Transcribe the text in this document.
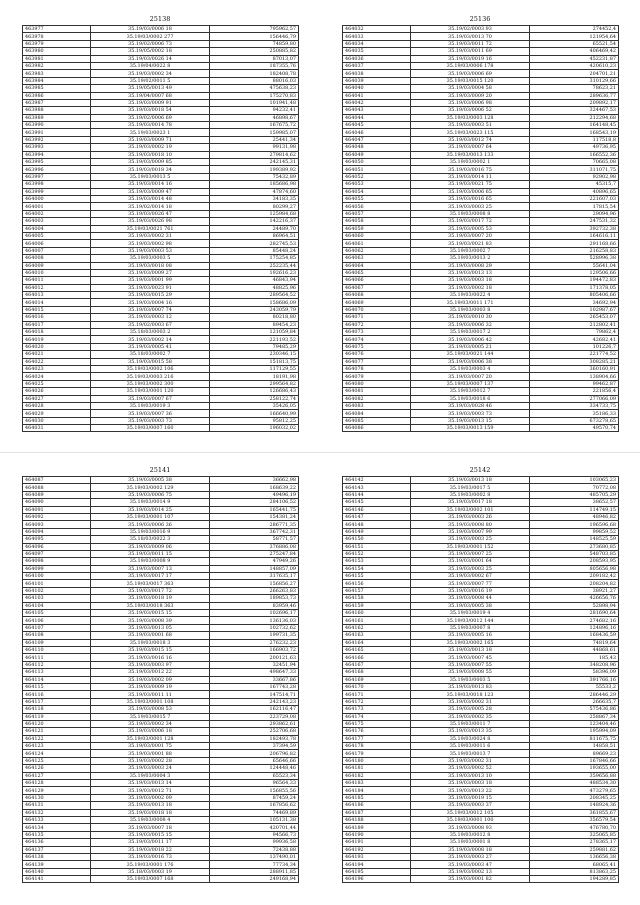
25138
463977	35.19/03/0006 18	795962,57
463978	35.19/03/0002 277	156446,79
463979	35.19/02/0006 73	74859,80
463980	35.19/05/0002 18	250885,82
463981	35.19/03/0026 14	87013,07
463982	35.19/04/0022 8	187355,76
463983	35.19/03/0002 34	182408,78
463984	35.19/02/0011 5	88016,03
463985	35.19/05/0013 49	475638,23
463986	35.19/04/0007 68	175270,83
463987	35.19/03/0009 91	101941,48
463988	35.19/03/0018 54	94232,41
463989	35.19/02/0006 69	46898,67
463990	35.19/03/0014 78	167675,72
463991	35.19/03/0023 1	159985,07
463992	35.19/03/0009 71	25441,34
463993	35.19/03/0002 19	99131,98
463994	35.19/03/0018 10	279814,62
463995	35.19/03/0009 85	242145,31
463996	35.19/03/0018 34	199389,92
463997	35.19/03/0013 5	75432,89
463998	35.19/03/0014 16	185686,98
463999	35.19/03/0009 47	47874,60
464000	35.19/03/0014 48	34183,35
464001	35.19/02/0014 18	80299,27
464002	35.19/03/0026 47	125984,68
464003	35.19/03/0026 98	142216,37
464004	35.19/03/0021 761	24489,70
464005	35.19/03/0002 31	86964,51
464006	35.19/03/0002 98	282745,53
464007	35.19/03/0003 53	85448,24
464008	35.19/03/0003 5	175254,85
464009	35.19/03/0018 08	252235,44
464010	35.19/03/0009 27	192616,23
464011	35.19/03/0001 99	46843,94
464012	35.19/03/0023 91	48825,96
464013	35.19/03/0015 29	289564,52
464014	35.19/03/0004 16	158686,09
464015	35.19/03/0007 74	243059,79
464016	35.19/03/0003 12	80218,80
464017	35.19/02/0003 67	89454,23
464018	35.18/03/0003 2	121059,84
464019	35.19/03/0002 14	221193,52
464020	35.19/03/0005 41	79485,29
464021	35.18/03/0002 7	230346,15
464022	35.19/03/0015 58	151813,75
464023	35.19/03/0002 106	117129,55
464024	35.19/03/0003 216	18191,98
464025	35.19/03/0002 300	299564,82
464026	35.19/03/0001 120	126686,43
464027	35.19/03/0007 67	258122,74
464028	35.19/03/0019 3	35426,05
464029	35.19/03/0007 36	166640,99
464030	35.19/03/0003 73	95812,25
464031	35.19/03/0007 160	196032,02
25136
464032	35.19/02/0003 93	274452,4
464033	35.19/03/0013 70	121954,64
464034	35.19/03/0011 72	65521,54
464035	35.19/03/0011 69	406469,42
464036	35.19/03/0019 16	452231,87
464037	35.19/03/0006 178	420610,23
464038	35.19/03/0006 69	204701,21
464039	35.19/03/0015 120	310129,66
464040	35.19/03/0004 58	78623,21
464041	35.19/03/0009 20	289636,77
464042	35.19/03/0006 98	209892,17
464043	35.19/03/0006 52	324467,53
464044	35.19/03/0003 128	212294,68
464045	35.19/03/0003 51	164148,45
464046	35.19/03/0023 115	168543,19
464047	35.19/03/0012 74	117518,8
464048	35.19/03/0007 64	49736,95
464049	35.19/03/0013 133	166552,36
464050	35.19/03/0002 1	70665,08
464051	35.19/03/0016 75	311071,75
464052	35.19/03/0014 11	92902,98
464053	35.19/03/0021 75	45315,7
464054	35.19/03/0006 65	40896,65
464055	35.19/03/0016 65	221607,03
464056	35.19/03/0003 25	17815,54
464057	35.19/03/0008 8	29094,96
464058	35.19/03/0017 72	247531,32
464059	35.19/03/0005 53	392732,38
464060	35.19/03/0007 20	164616,11
464061	35.19/03/0021 83	291168,66
464062	35.19/03/0002 7	216258,83
464063	35.19/03/0013 2	528996,38
464064	35.19/03/0008 29	55641,04
464065	35.19/03/0013 13	129506,66
464066	35.19/03/0003 18	194472,83
464067	35.19/03/0002 18	171378,05
464068	35.19/03/0022 4	805406,66
464069	35.19/03/0011 171	34692,94
464070	35.19/03/0003 8	102987,67
464071	35.19/03/0010 30	265453,07
464072	35.19/03/0006 32	212802,41
464073	35.19/03/0017 2	79862,4
464074	35.19/03/0006 42	42682,41
464075	35.19/03/0005 21	101226,7
464076	35.19/03/0021 144	221774,52
464077	35.19/03/0006 38	308285,21
464078	35.19/03/0003 4	360160,91
464079	35.19/03/0007 20	138904,66
464080	35.19/03/0007 137	99462,87
464081	35.19/03/0012 7	221856,4
464082	35.19/03/0018 6	277066,09
464083	35.19/03/0028 46	334733,75
464084	35.19/03/0003 73	35186,33
464085	35.19/03/0013 15	673278,65
464086	35.19/03/0013 159	49570,74
25141
464087	35.19/03/0005 38	36662,98
464088	35.19/03/0002 129	168639,22
464089	35.19/03/0006 75	49496,19
464090	35.19/03/0014 9	284106,52
464091	35.19/03/0014 25	165441,75
464092	35.19/03/0001 107	154381,24
464093	35.19/03/0006 36	286771,35
464094	35.19/03/0016 9	367742,31
464095	35.18/03/0022 3	58771,57
464096	35.19/03/0009 06	376886,08
464097	35.19/03/0011 15	275247,84
464098	35.19/03/0008 9	47949,26
464099	35.19/03/0007 13	148857,09
464100	35.19/03/0017 17	317635,17
464101	35.19/03/0017 363	156856,27
464102	35.19/03/0017 72	266263,83
464103	35.19/03/0018 19	189853,73
464104	35.19/03/0018 363	83959,46
464105	35.19/03/0015 15	102696,17
464106	35.19/03/0008 39	136136,03
464107	35.19/03/0013 05	102732,62
464108	35.19/03/0001 68	199731,35
464109	35.19/03/0018 3	276232,23
464110	35.19/03/0015 15	166903,72
464111	35.19/03/0016 16	200121,63
464112	35.19/03/0003 97	32451,94
464113	35.19/03/0012 22	498647,33
464114	35.19/03/0002 09	33667,86
464115	35.19/03/0009 19	167743,28
464116	35.19/03/0011 11	147514,71
464117	35.19/03/0001 108	242143,23
464118	35.19/03/0008 53	162116,47
464119	35.19/03/0015 7	223729,08
464120	35.19/03/0002 34	293862,61
464121	35.19/03/0006 18	252706,68
464122	35.19/03/0001 128	182493,78
464123	35.19/03/0001 75	37394,59
464124	35.19/03/0001 88	206796,82
464125	35.19/03/0002 28	65646,66
464126	35.19/03/0003 24	124448,46
464127	35.19/03/0004 3	65523,34
464128	35.19/03/0013 14	96564,33
464129	35.19/03/0012 71	156855,56
464130	35.19/03/0002 09	87459,24
464131	35.19/03/0013 18	167856,62
464132	35.19/03/0018 18	74469,89
464133	35.19/03/0008 4	105131,38
464134	35.19/03/0007 18	420701,44
464135	35.19/03/0015 15	94566,73
464136	35.19/03/0011 17	99936,58
464137	35.19/03/0018 22	72438,88
464138	35.19/03/0016 73	137490,01
464139	35.19/03/0001 176	77734,34
464140	35.18/03/0003 19	288911,85
464141	35.19/03/0007 168	249168,94
25142
464142	35.19/03/0013 18	103065,23
464143	35.19/03/0017 5	70772,08
464144	35.19/03/0002 8	485705,29
464145	35.19/03/0017 18	38652,57
464146	35.19/03/0002 101	114749,15
464147	35.19/03/0003 26	48946,82
464148	35.19/03/0008 80	196596,68
464149	35.19/03/0007 99	99859,52
464150	35.19/03/0003 25	148525,59
464151	35.19/03/0001 152	273680,85
464152	35.19/03/0007 25	548703,85
464153	35.19/03/0001 64	208593,95
464154	35.19/03/0003 25	805656,98
464155	35.19/03/0002 67	209182,42
464156	35.19/03/0007 77	208204,82
464157	35.19/03/0016 19	38921,27
464158	35.19/03/0008 44	426656,76
464159	35.19/03/0005 38	52898,94
464160	35.19/03/0019 4	281690,64
464161	35.19/03/0012 144	274682,16
464162	35.19/03/0007 8	124896,16
464163	35.19/03/0005 16	168436,59
464164	35.19/03/0002 165	74819,64
464165	35.19/03/0013 18	44868,61
464166	35.19/03/0007 45	185,43
464167	35.19/03/0007 55	348208,96
464168	35.19/03/0008 55	58396,09
464169	35.19/03/0003 5	391766,16
464170	35.19/03/0013 83	55533,2
464171	35.19/03/0018 123	286446,29
464172	35.19/03/0002 31	266635,7
464173	35.19/03/0005 28	575436,86
464174	35.19/03/0002 35	258867,34
464175	35.19/03/0011 7	123404,46
464176	35.19/03/0013 35	195994,09
464177	35.19/03/0024 8	811675,75
464178	35.19/03/0011 6	14858,51
464179	35.19/03/0013 7	89669,23
464180	35.19/03/0002 31	167846,66
464181	35.19/03/0002 52	193655,00
464182	35.19/03/0013 10	359656,88
464183	35.19/03/0003 18	488534,30
464184	35.19/03/0013 22	473279,65
464185	35.19/03/0019 15	208345,25
464186	35.19/03/0003 37	148924,36
464187	35.19/03/0012 105	361855,67
464188	35.19/03/0001 100	356579,54
464189	35.19/03/0008 93	476780,70
464190	35.19/03/0012 8	325065,85
464191	35.19/03/0001 8	278365,17
464192	35.19/03/0008 18	259881,62
464193	35.19/03/0003 27	136656,38
464194	35.19/03/0003 47	68065,41
464195	35.19/03/0002 13	813863,25
464196	35.19/03/0001 82	194289,85
